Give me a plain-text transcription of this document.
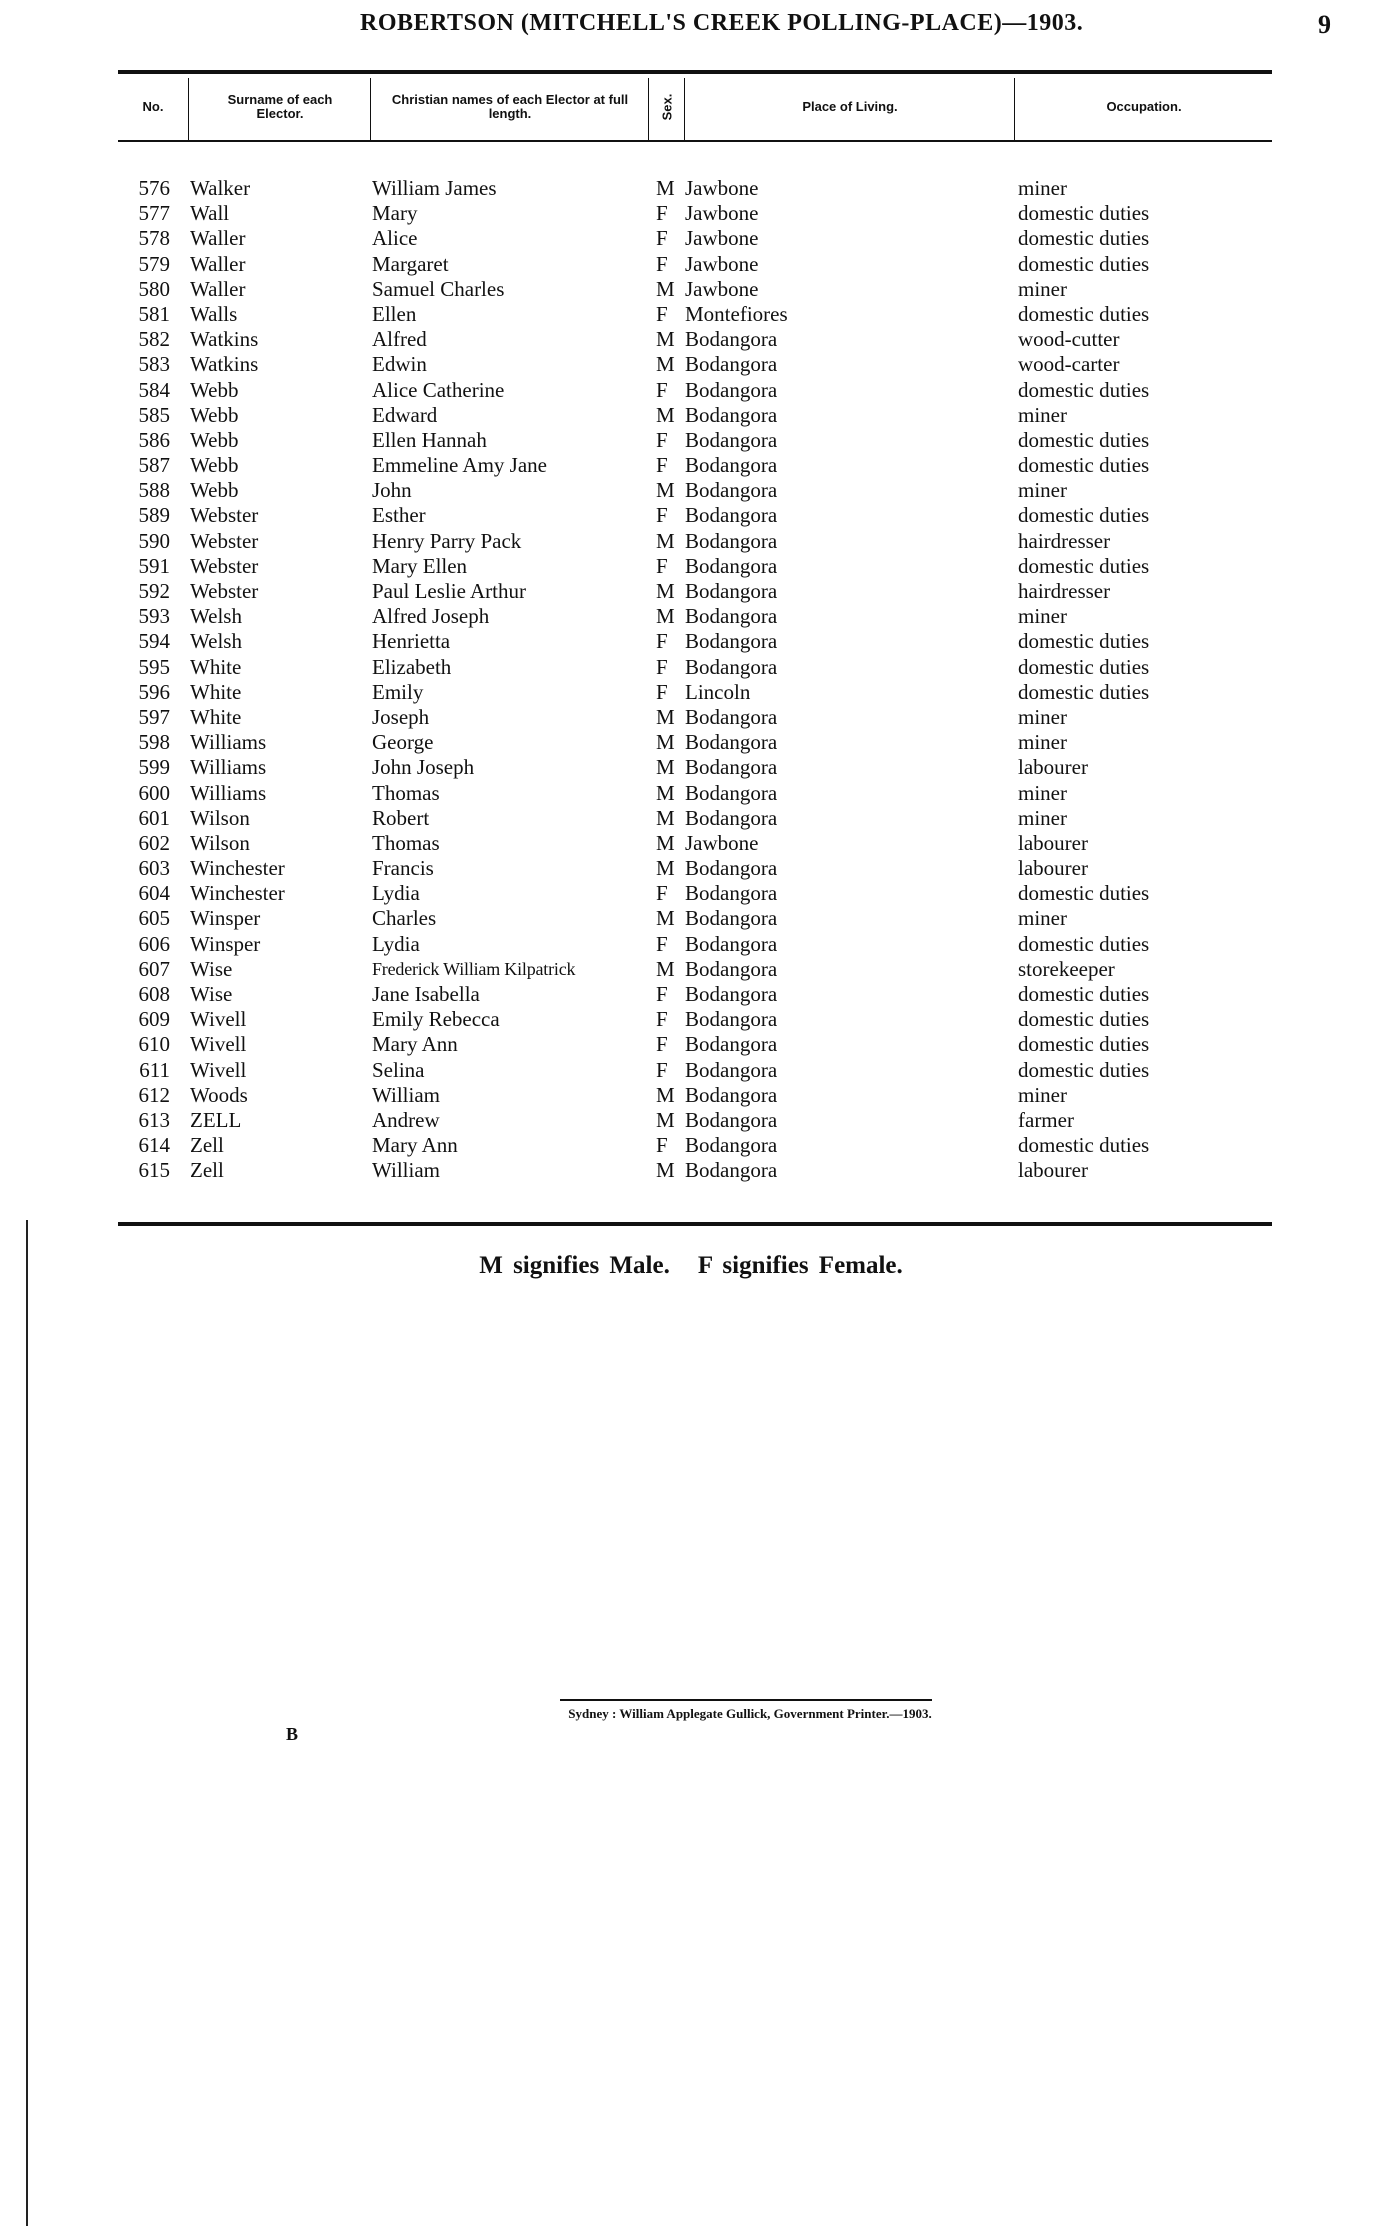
ROBERTSON (MITCHELL'S CREEK POLLING-PLACE)—1903.	9
No.	Surname of each Elector.
Christian names of each Elector at full length.	Sex.	Place of Living.	Occupation.
576 Walker	William James	M Jawbone	miner
577 Wall	Mary	F Jawbone	domestic duties
578 Waller	Alice	F Jawbone	domestic duties
579 Waller	Margaret	F Jawbone	domestic duties
580 Waller	Samuel Charles	M Jawbone	miner
581 Walls	Ellen	F Montefiores	domestic duties
582 Watkins	Alfred	M Bodangora	wood-cutter
583 Watkins	Edwin	M Bodangora	wood-carter
584 Webb	Alice Catherine	F Bodangora	domestic duties
585 Webb	Edward	M Bodangora	miner
586 Webb	Ellen Hannah	F Bodangora	domestic duties
587 Webb	Emmeline Amy Jane	F Bodangora	domestic duties
588 Webb	John	M Bodangora	miner
589 Webster	Esther	F Bodangora	domestic duties
590 Webster	Henry Parry Pack	M Bodangora	hairdresser
591 Webster	Mary Ellen	F Bodangora	domestic duties
592 Webster	Paul Leslie Arthur	M Bodangora	hairdresser
593 Welsh	Alfred Joseph	M Bodangora	miner
594 Welsh	Henrietta	F Bodangora	domestic duties
595 White	Elizabeth	F Bodangora	domestic duties
596 White	Emily	F Lincoln	domestic duties
597 White	Joseph	M Bodangora	miner
598 Williams	George	M Bodangora	miner
599 Williams	John Joseph	M Bodangora	labourer
600 Williams	Thomas	M Bodangora	miner
601 Wilson	Robert	M Bodangora	miner
602 Wilson	Thomas	M Jawbone	labourer
603 Winchester	Francis	M Bodangora	labourer
604 Winchester	Lydia	F Bodangora	domestic duties
605 Winsper	Charles	M Bodangora	miner
606 Winsper	Lydia	F Bodangora	domestic duties
607 Wise	Frederick William Kilpatrick	M Bodangora	storekeeper
608 Wise	Jane Isabella	F Bodangora	domestic duties
609 Wivell	Emily Rebecca	F Bodangora	domestic duties
610 Wivell	Mary Ann	F Bodangora	domestic duties
611 Wivell	Selina	F Bodangora	domestic duties
612 Woods	William	M Bodangora	miner
613 ZELL	Andrew	M Bodangora	farmer
614 Zell	Mary Ann	F Bodangora	domestic duties
615 Zell	William	M Bodangora	labourer
M signifies Male. F signifies Female.
Sydney : William Applegate Gullick, Government Printer.—1903.
B
